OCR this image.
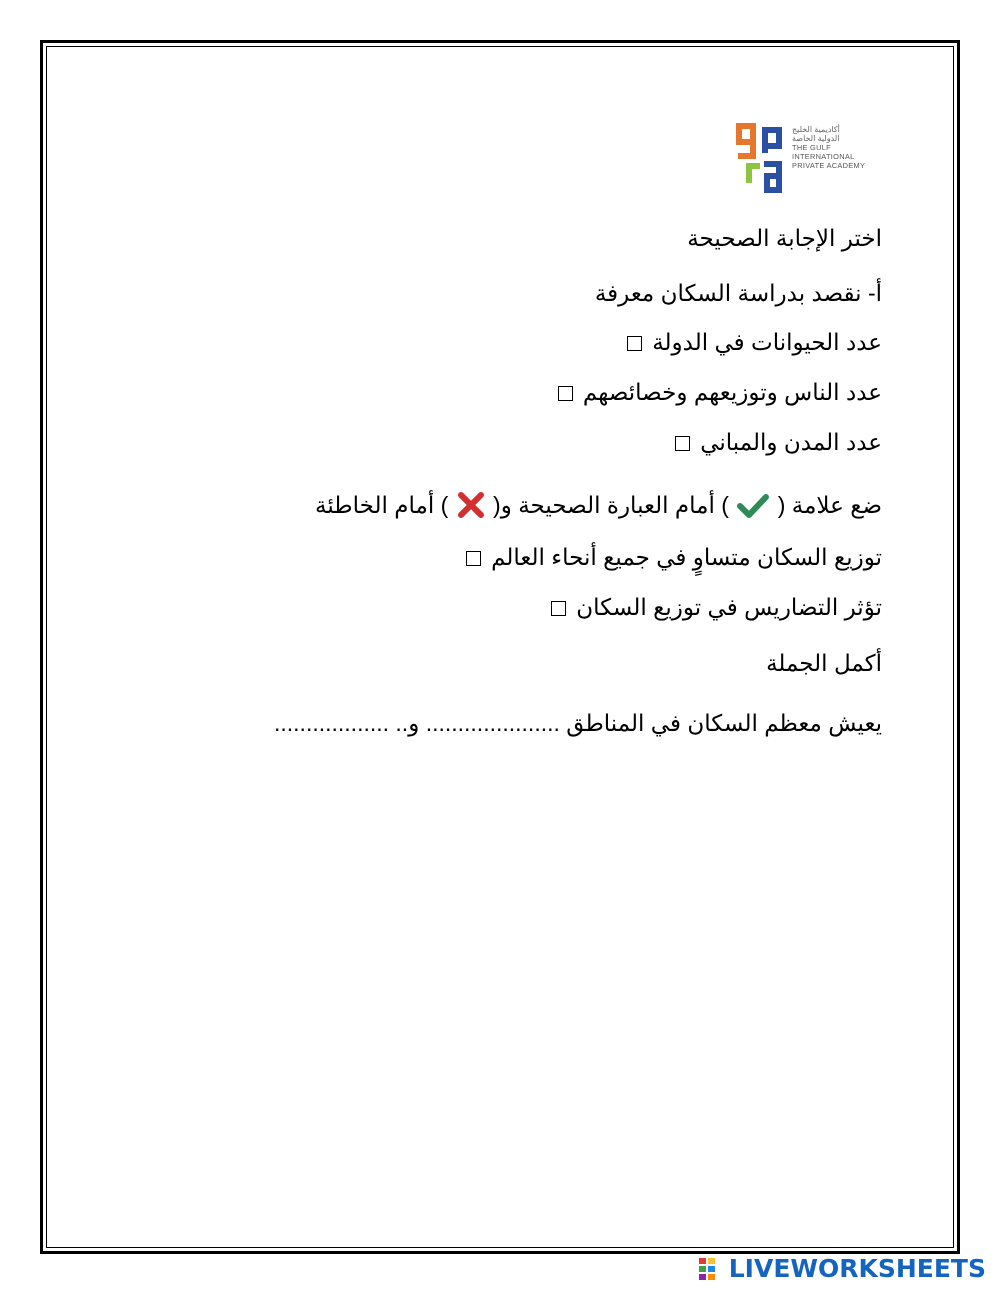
أكاديمية الخليج
الدولية الخاصة
THE GULF
INTERNATIONAL
PRIVATE ACADEMY
اختر الإجابة الصحيحة
أ- نقصد بدراسة السكان معرفة
عدد الحيوانات في الدولة
عدد الناس وتوزيعهم وخصائصهم
عدد المدن والمباني
ضع علامة (  ) أمام العبارة الصحيحة و(  ) أمام الخاطئة
توزيع السكان متساوٍ في جميع أنحاء العالم
تؤثر التضاريس في توزيع السكان
أكمل الجملة
يعيش معظم السكان في المناطق ..................... و.. ..................
LIVEWORKSHEETS
